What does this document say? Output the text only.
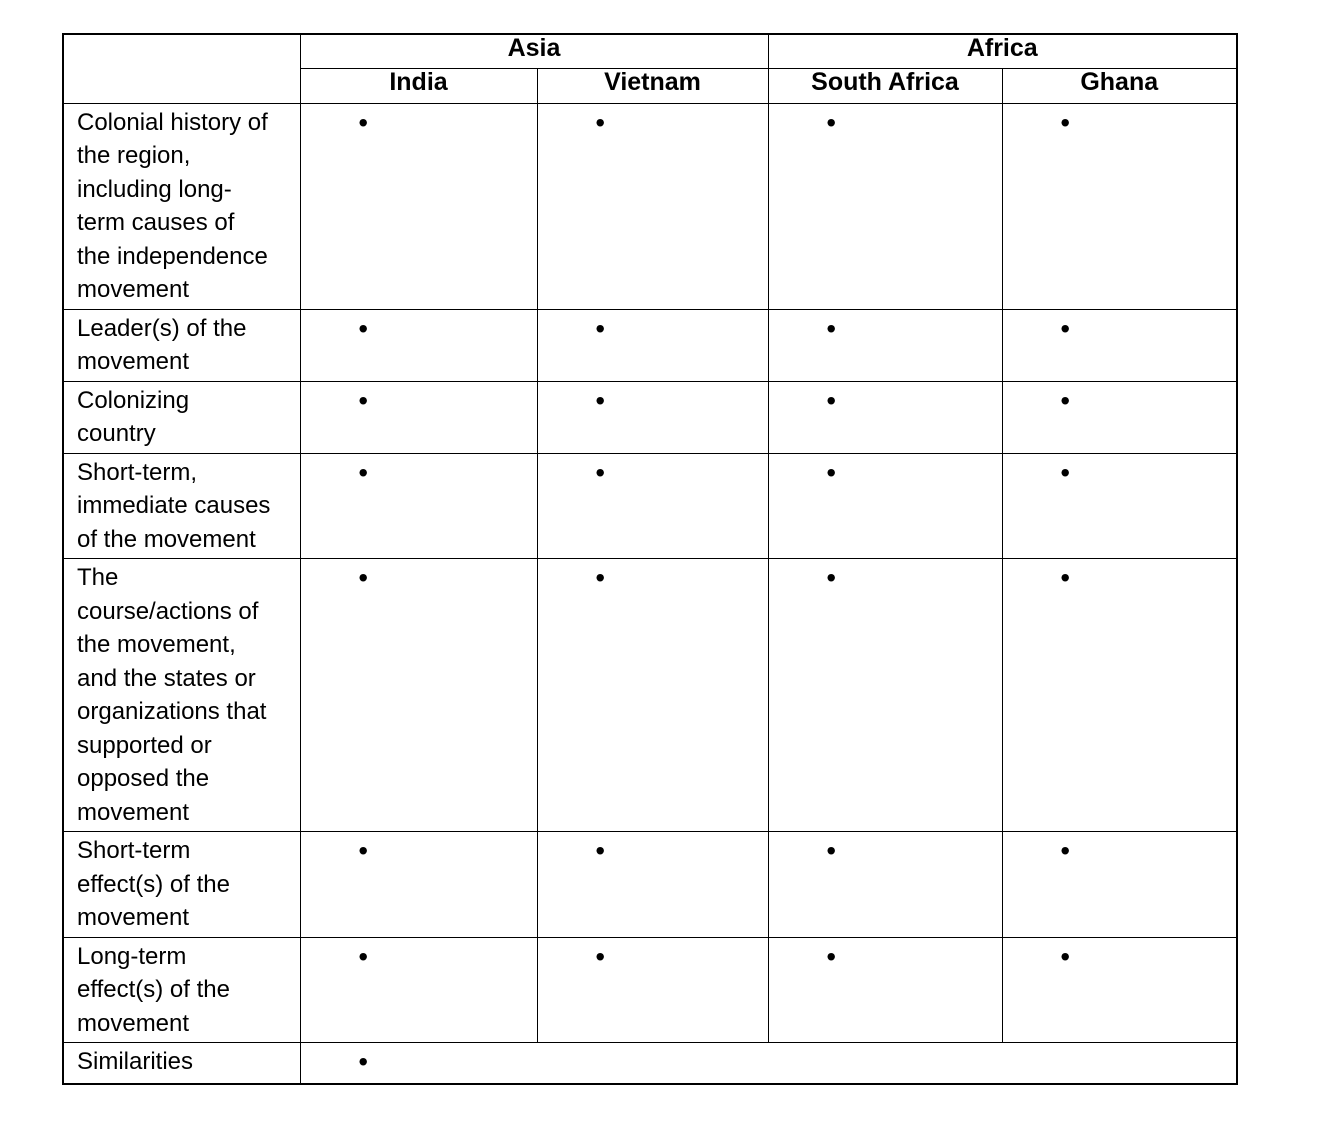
	Asia		Africa	
	India	Vietnam	South Africa	Ghana
Colonial history of the region, including long-term causes of the independence movement	•	•	•	•
Leader(s) of the movement	•	•	•	•
Colonizing country	•	•	•	•
Short-term, immediate causes of the movement	•	•	•	•
The course/actions of the movement, and the states or organizations that supported or opposed the movement	•	•	•	•
Short-term effect(s) of the movement	•	•	•	•
Long-term effect(s) of the movement	•	•	•	•
Similarities	•			
